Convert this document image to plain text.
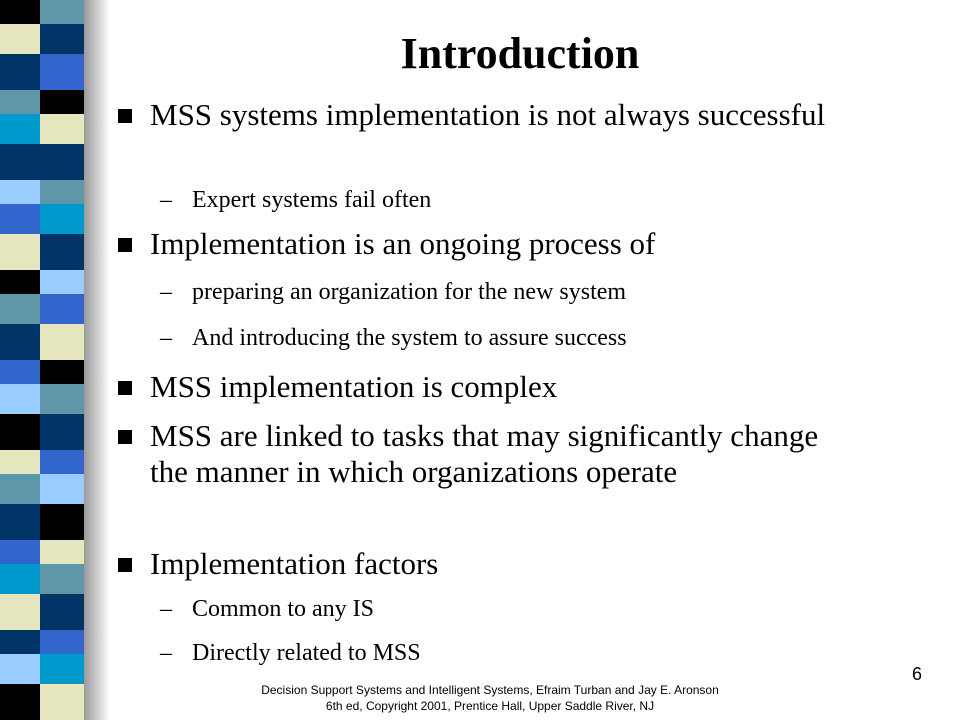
Introduction
MSS systems implementation is not always successful
– Expert systems fail often
Implementation is an ongoing process of
– preparing an organization for the new system
– And introducing the system to assure success
MSS implementation is complex
MSS are linked to tasks that may significantly change the manner in which organizations operate
Implementation factors
– Common to any IS
– Directly related to MSS
6
Decision Support Systems and Intelligent Systems, Efraim Turban and Jay E. Aronson
6th ed, Copyright 2001, Prentice Hall, Upper Saddle River, NJ
